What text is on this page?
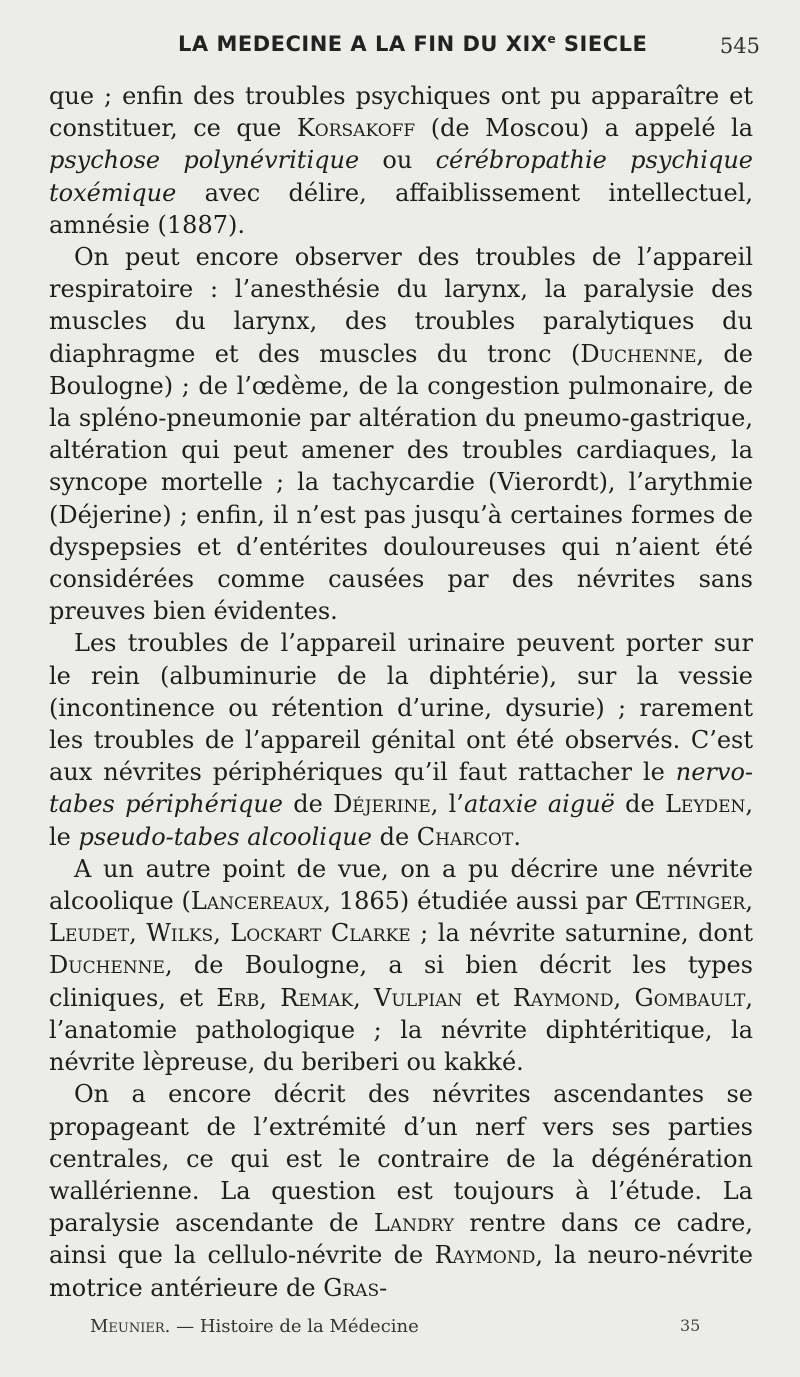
LA MEDECINE A LA FIN DU XIXe SIECLE	545

que ; enfin des troubles psychiques ont pu apparaître et constituer, ce que Korsakoff (de Moscou) a appelé la psychose polynévritique ou cérébropathie psychique toxémique avec délire, affaiblissement intellectuel, amnésie (1887).

On peut encore observer des troubles de l’appareil respiratoire : l’anesthésie du larynx, la paralysie des muscles du larynx, des troubles paralytiques du diaphragme et des muscles du tronc (Duchenne, de Boulogne) ; de l’œdème, de la congestion pulmonaire, de la spléno-pneumonie par altération du pneumo-gastrique, altération qui peut amener des troubles cardiaques, la syncope mortelle ; la tachycardie (Vierordt), l’arythmie (Déjerine) ; enfin, il n’est pas jusqu’à certaines formes de dyspepsies et d’entérites douloureuses qui n’aient été considérées comme causées par des névrites sans preuves bien évidentes.

Les troubles de l’appareil urinaire peuvent porter sur le rein (albuminurie de la diphtérie), sur la vessie (incontinence ou rétention d’urine, dysurie) ; rarement les troubles de l’appareil génital ont été observés. C’est aux névrites périphériques qu’il faut rattacher le nervo-tabes périphérique de Déjerine, l’ataxie aiguë de Leyden, le pseudo-tabes alcoolique de Charcot.

A un autre point de vue, on a pu décrire une névrite alcoolique (Lancereaux, 1865) étudiée aussi par Œttinger, Leudet, Wilks, Lockart Clarke ; la névrite saturnine, dont Duchenne, de Boulogne, a si bien décrit les types cliniques, et Erb, Remak, Vulpian et Raymond, Gombault, l’anatomie pathologique ; la névrite diphtéritique, la névrite lèpreuse, du beriberi ou kakké.

On a encore décrit des névrites ascendantes se propageant de l’extrémité d’un nerf vers ses parties centrales, ce qui est le contraire de la dégénération wallérienne. La question est toujours à l’étude. La paralysie ascendante de Landry rentre dans ce cadre, ainsi que la cellulo-névrite de Raymond, la neuro-névrite motrice antérieure de Gras-

Meunier. — Histoire de la Médecine	35
